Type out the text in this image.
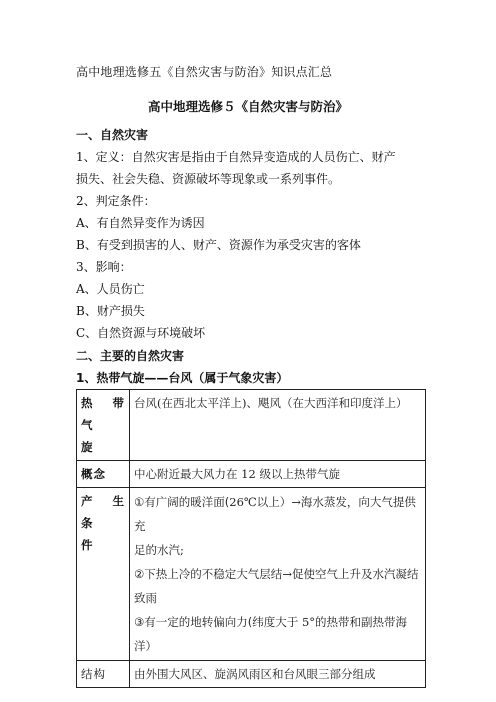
高中地理选修五《自然灾害与防治》知识点汇总
高中地理选修５《自然灾害与防治》
一、自然灾害
1、定义：自然灾害是指由于自然异变造成的人员伤亡、财产
损失、社会失稳、资源破坏等现象或一系列事件。
2、判定条件：
A、有自然异变作为诱因
B、有受到损害的人、财产、资源作为承受灾害的客体
3、影响：
A、人员伤亡
B、财产损失
C、自然资源与环境破坏
二、主要的自然灾害
1、热带气旋——台风（属于气象灾害）
热 带 气
旋	台风(在西北太平洋上)、飓风（在大西洋和印度洋上）
概念	中心附近最大风力在 12 级以上热带气旋

产 生 条
件	①有广阔的暖洋面(26℃以上）→海水蒸发，向大气提供充
足的水汽;
②下热上冷的不稳定大气层结→促使空气上升及水汽凝结
致雨
③有一定的地转偏向力(纬度大于 5°的热带和副热带海洋）

结构	由外围大风区、旋涡风雨区和台风眼三部分组成
